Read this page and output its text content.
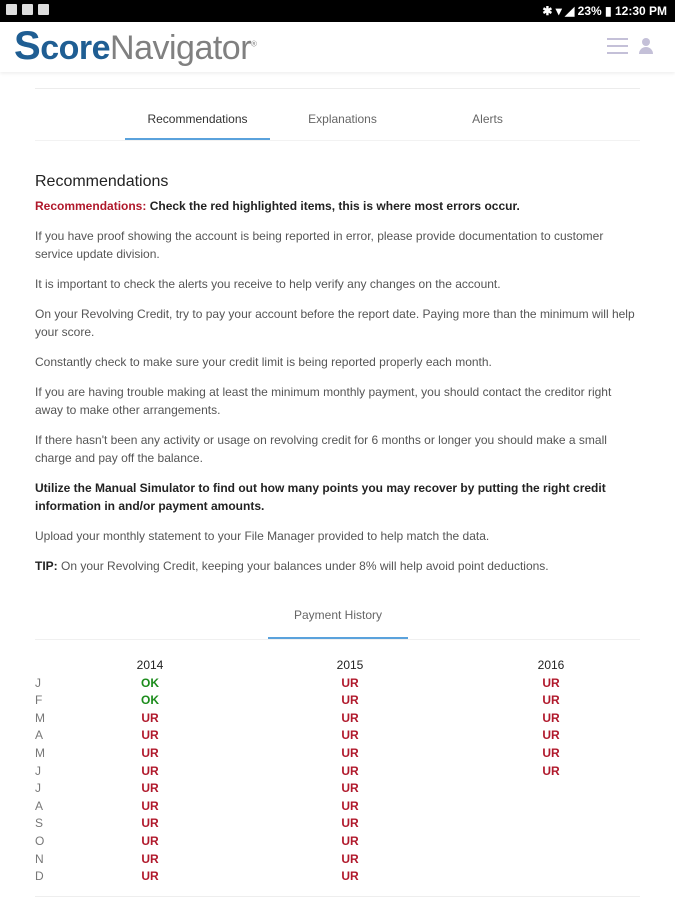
✱ ▾ ◢ 23% ▮ 12:30 PM
ScoreNavigator®
Recommendations	Explanations	Alerts
Recommendations

Recommendations: Check the red highlighted items, this is where most errors occur.

If you have proof showing the account is being reported in error, please provide documentation to customer service update division.

It is important to check the alerts you receive to help verify any changes on the account.

On your Revolving Credit, try to pay your account before the report date. Paying more than the minimum will help your score.

Constantly check to make sure your credit limit is being reported properly each month.

If you are having trouble making at least the minimum monthly payment, you should contact the creditor right away to make other arrangements.

If there hasn't been any activity or usage on revolving credit for 6 months or longer you should make a small charge and pay off the balance.

Utilize the Manual Simulator to find out how many points you may recover by putting the right credit information in and/or payment amounts.

Upload your monthly statement to your File Manager provided to help match the data.

TIP: On your Revolving Credit, keeping your balances under 8% will help avoid point deductions.

Payment History
2014	2015	2016
J	OK	UR	UR
F	OK	UR	UR
M	UR	UR	UR
A	UR	UR	UR
M	UR	UR	UR
J	UR	UR	UR
J	UR	UR
A	UR	UR
S	UR	UR
O	UR	UR
N	UR	UR
D	UR	UR
